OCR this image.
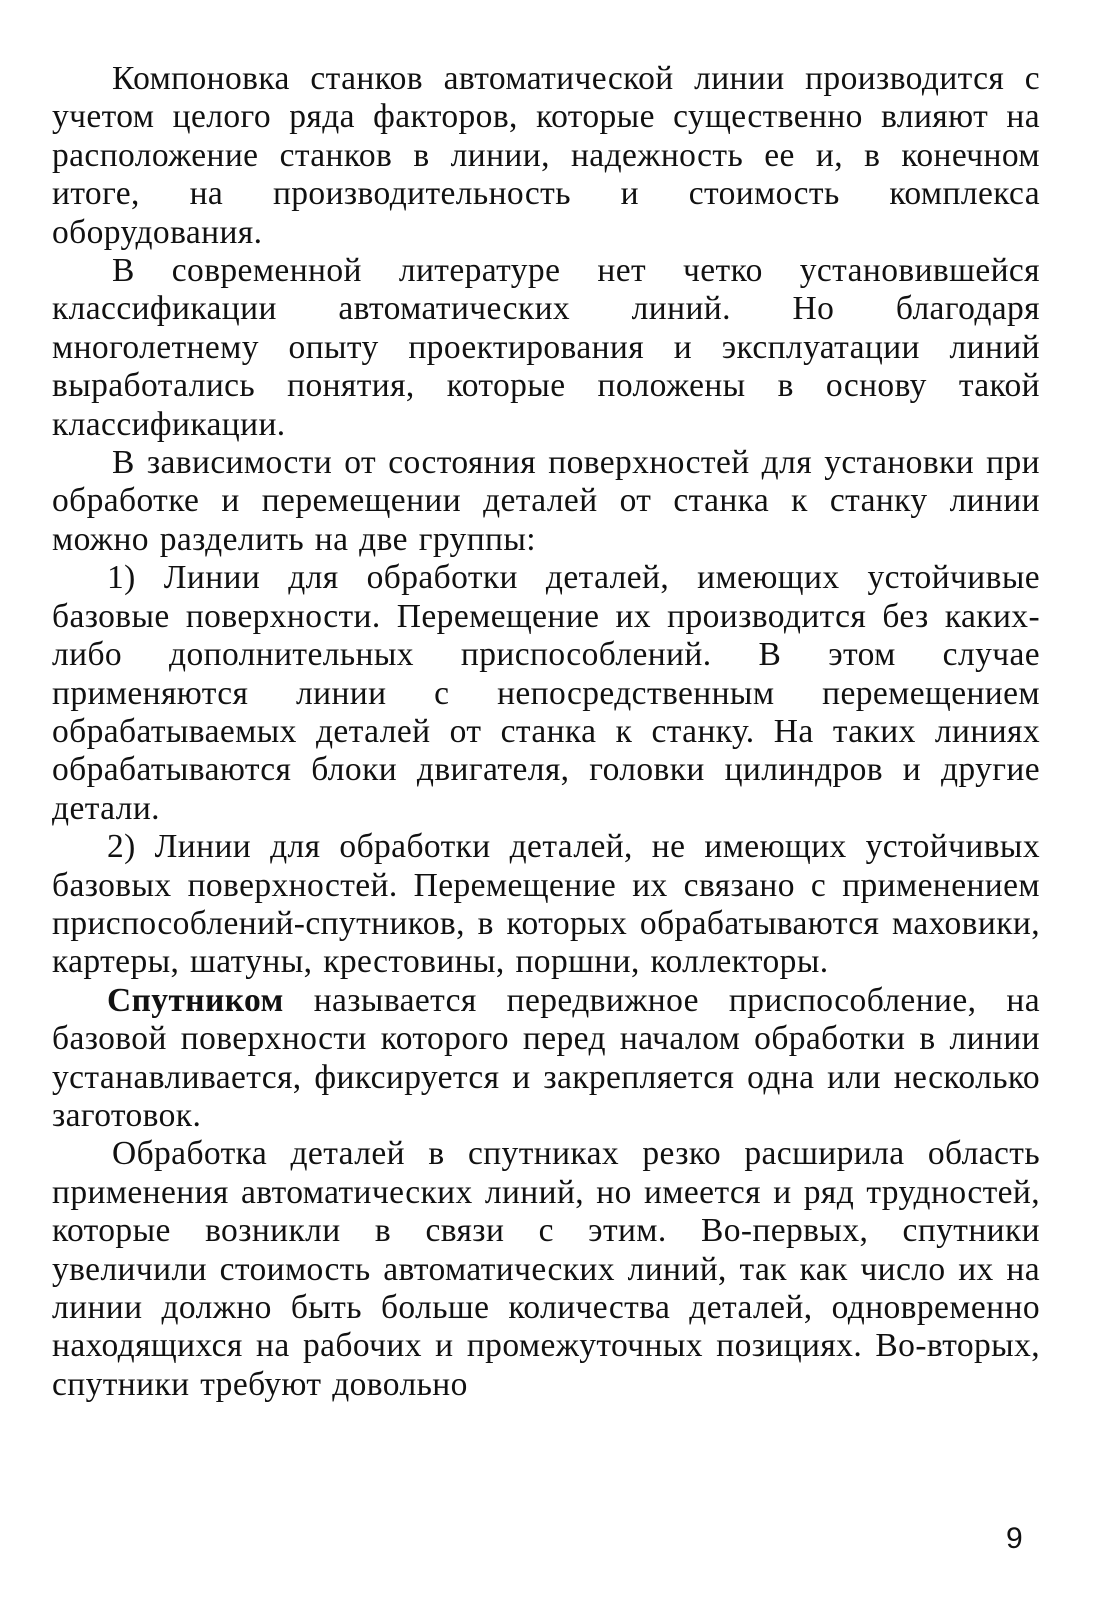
Компоновка станков автоматической линии производится с учетом целого ряда факторов, которые существенно влияют на расположение станков в линии, надежность ее и, в конечном итоге, на производительность и стоимость комплекса оборудования.

В современной литературе нет четко установившейся классификации автоматических линий. Но благодаря многолетнему опыту проектирования и эксплуатации линий выработались понятия, которые положены в основу такой классификации.

В зависимости от состояния поверхностей для установки при обработке и перемещении деталей от станка к станку линии можно разделить на две группы:

1) Линии для обработки деталей, имеющих устойчивые базовые поверхности. Перемещение их производится без каких-либо дополнительных приспособлений. В этом случае применяются линии с непосредственным перемещением обрабатываемых деталей от станка к станку. На таких линиях обрабатываются блоки двигателя, головки цилиндров и другие детали.

2) Линии для обработки деталей, не имеющих устойчивых базовых поверхностей. Перемещение их связано с применением приспособлений-спутников, в которых обрабатываются маховики, картеры, шатуны, крестовины, поршни, коллекторы.

Спутником называется передвижное приспособление, на базовой поверхности которого перед началом обработки в линии устанавливается, фиксируется и закрепляется одна или несколько заготовок.

Обработка деталей в спутниках резко расширила область применения автоматических линий, но имеется и ряд трудностей, которые возникли в связи с этим. Во-первых, спутники увеличили стоимость автоматических линий, так как число их на линии должно быть больше количества деталей, одновременно находящихся на рабочих и промежуточных позициях. Во-вторых, спутники требуют довольно

9
